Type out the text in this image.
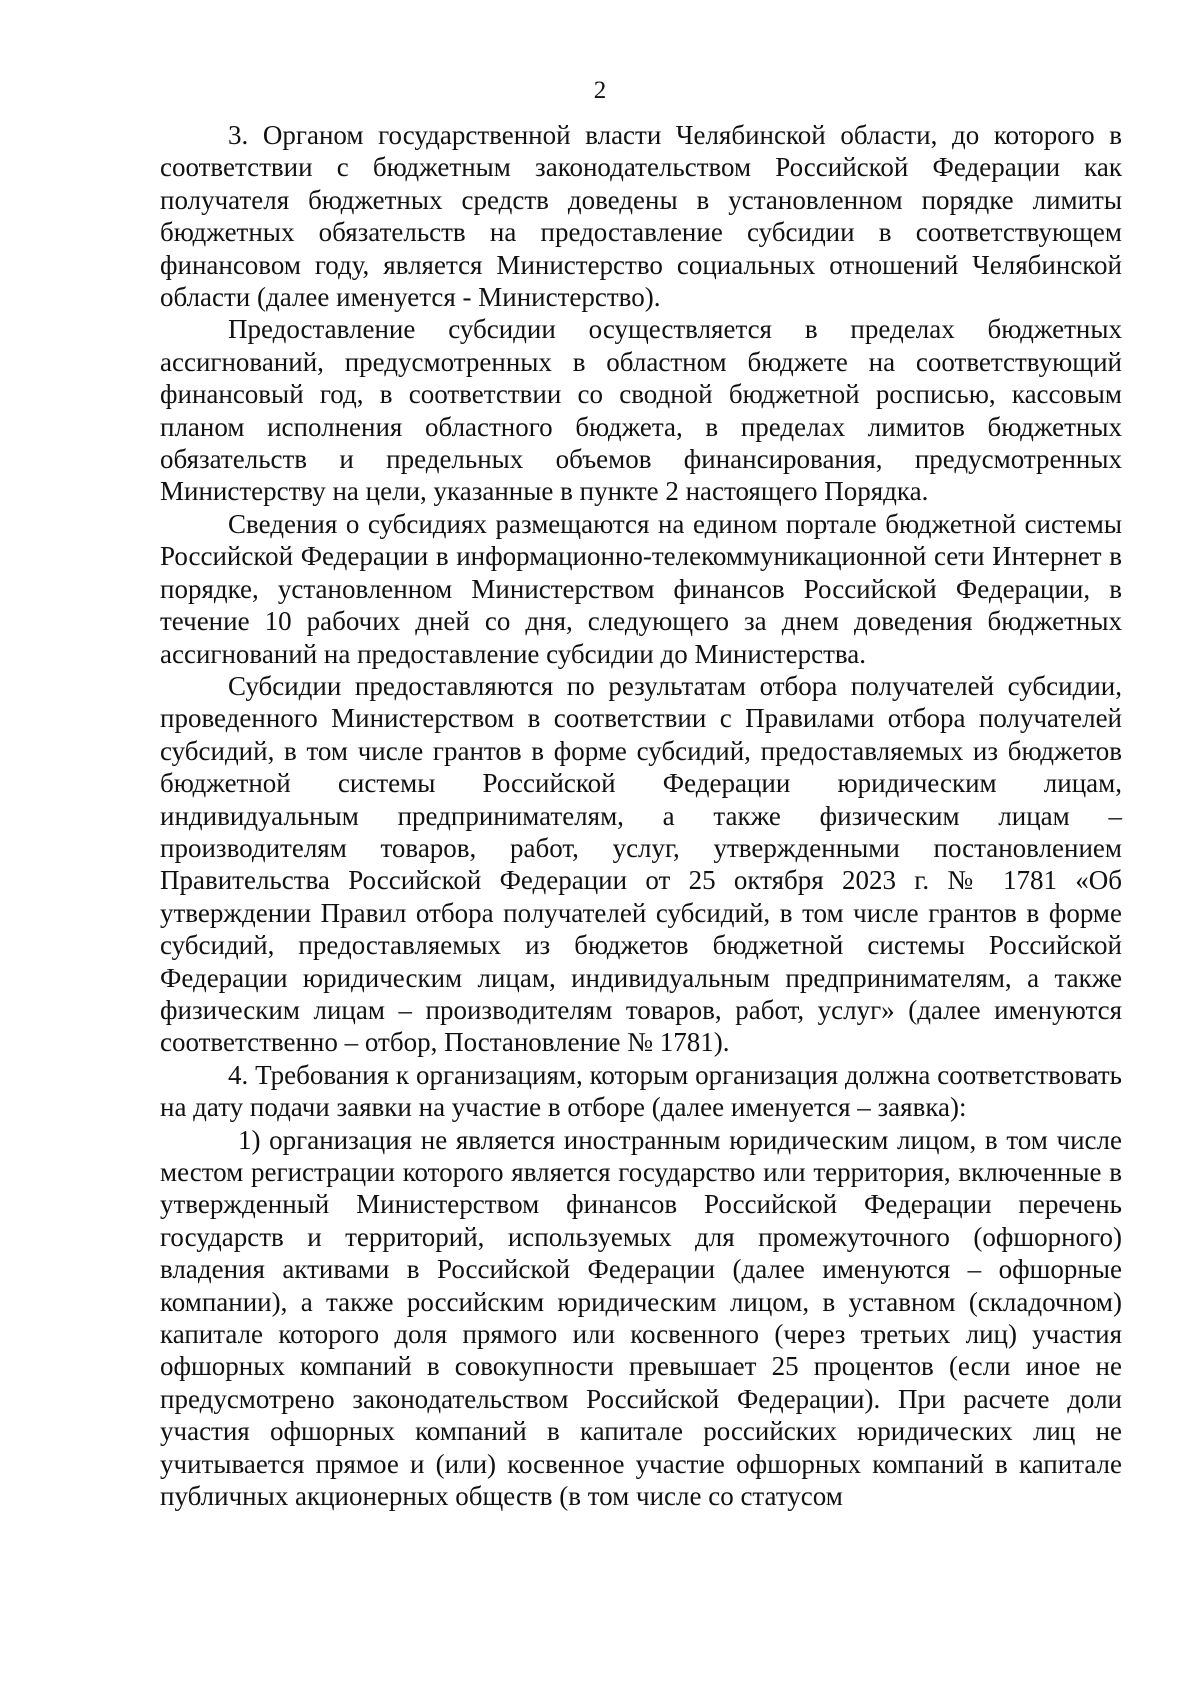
2

3. Органом государственной власти Челябинской области, до которого в соответствии с бюджетным законодательством Российской Федерации как получателя бюджетных средств доведены в установленном порядке лимиты бюджетных обязательств на предоставление субсидии в соответствующем финансовом году, является Министерство социальных отношений Челябинской области (далее именуется - Министерство).

Предоставление субсидии осуществляется в пределах бюджетных ассигнований, предусмотренных в областном бюджете на соответствующий финансовый год, в соответствии со сводной бюджетной росписью, кассовым планом исполнения областного бюджета, в пределах лимитов бюджетных обязательств и предельных объемов финансирования, предусмотренных Министерству на цели, указанные в пункте 2 настоящего Порядка.

Сведения о субсидиях размещаются на едином портале бюджетной системы Российской Федерации в информационно-телекоммуникационной сети Интернет в порядке, установленном Министерством финансов Российской Федерации, в течение 10 рабочих дней со дня, следующего за днем доведения бюджетных ассигнований на предоставление субсидии до Министерства.

Субсидии предоставляются по результатам отбора получателей субсидии, проведенного Министерством в соответствии с Правилами отбора получателей субсидий, в том числе грантов в форме субсидий, предоставляемых из бюджетов бюджетной системы Российской Федерации юридическим лицам, индивидуальным предпринимателям, а также физическим лицам – производителям товаров, работ, услуг, утвержденными постановлением Правительства Российской Федерации от 25 октября 2023 г. № 1781 «Об утверждении Правил отбора получателей субсидий, в том числе грантов в форме субсидий, предоставляемых из бюджетов бюджетной системы Российской Федерации юридическим лицам, индивидуальным предпринимателям, а также физическим лицам – производителям товаров, работ, услуг» (далее именуются соответственно – отбор, Постановление № 1781).

4. Требования к организациям, которым организация должна соответствовать на дату подачи заявки на участие в отборе (далее именуется – заявка):

1) организация не является иностранным юридическим лицом, в том числе местом регистрации которого является государство или территория, включенные в утвержденный Министерством финансов Российской Федерации перечень государств и территорий, используемых для промежуточного (офшорного) владения активами в Российской Федерации (далее именуются – офшорные компании), а также российским юридическим лицом, в уставном (складочном) капитале которого доля прямого или косвенного (через третьих лиц) участия офшорных компаний в совокупности превышает 25 процентов (если иное не предусмотрено законодательством Российской Федерации). При расчете доли участия офшорных компаний в капитале российских юридических лиц не учитывается прямое и (или) косвенное участие офшорных компаний в капитале публичных акционерных обществ (в том числе со статусом
